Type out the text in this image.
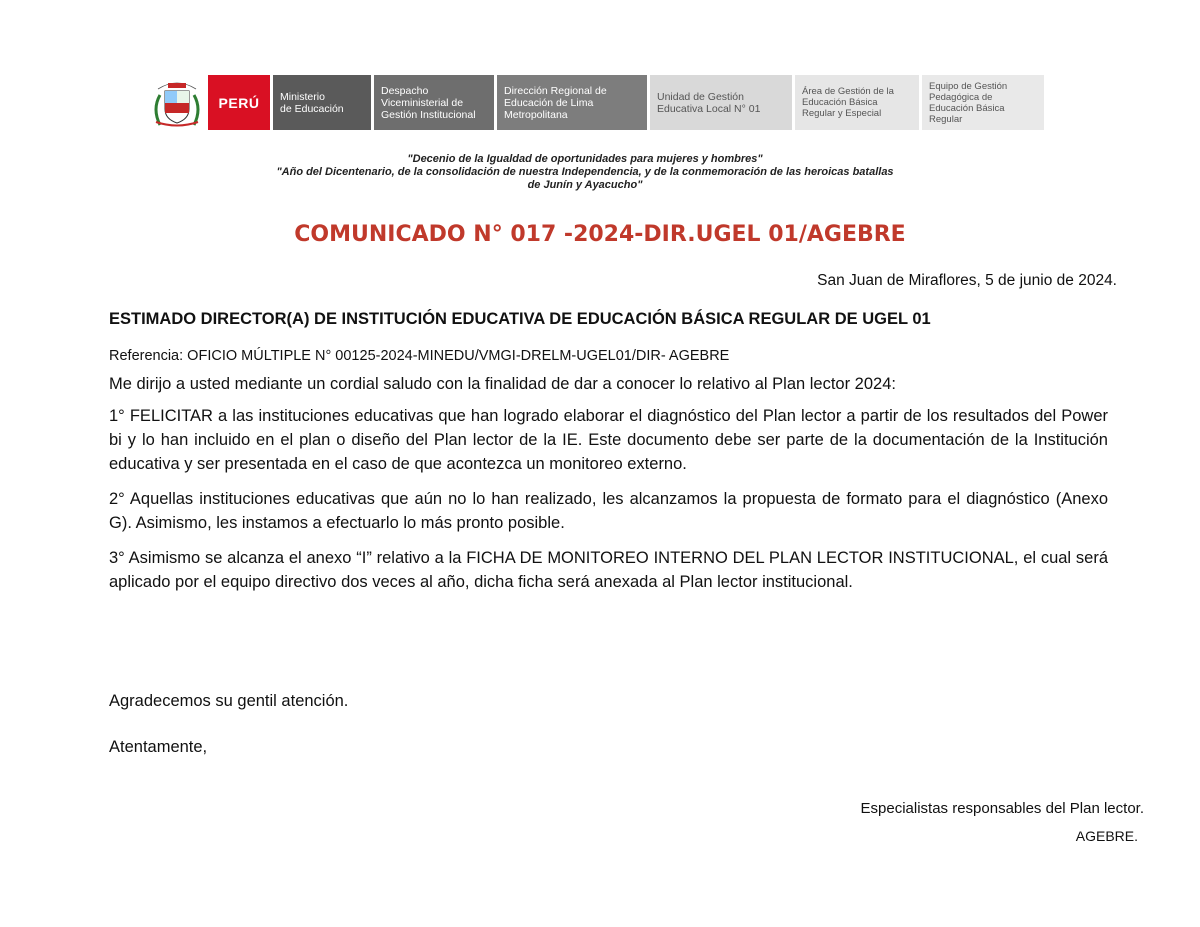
PERÚ	Ministerio
de Educación
Despacho
Viceministerial de
Gestión Institucional
Dirección Regional de
Educación de Lima
Metropolitana
Unidad de Gestión
Educativa Local N° 01
Área de Gestión de la
Educación Básica
Regular y Especial
Equipo de Gestión
Pedagógica de
Educación Básica
Regular
"Decenio de la Igualdad de oportunidades para mujeres y hombres"
"Año del Dicentenario, de la consolidación de nuestra Independencia, y de la conmemoración de las heroicas batallas
de Junín y Ayacucho"
COMUNICADO N° 017 -2024-DIR.UGEL 01/AGEBRE
San Juan de Miraflores, 5 de junio de 2024.
ESTIMADO DIRECTOR(A) DE INSTITUCIÓN EDUCATIVA DE EDUCACIÓN BÁSICA REGULAR DE UGEL 01
Referencia: OFICIO MÚLTIPLE N° 00125-2024-MINEDU/VMGI-DRELM-UGEL01/DIR- AGEBRE

Me dirijo a usted mediante un cordial saludo con la finalidad de dar a conocer lo relativo al Plan lector 2024:

1° FELICITAR a las instituciones educativas que han logrado elaborar el diagnóstico del Plan lector a partir de los resultados del Power bi y lo han incluido en el plan o diseño del Plan lector de la IE. Este documento debe ser parte de la documentación de la Institución educativa y ser presentada en el caso de que acontezca un monitoreo externo.

2° Aquellas instituciones educativas que aún no lo han realizado, les alcanzamos la propuesta de formato para el diagnóstico (Anexo G). Asimismo, les instamos a efectuarlo lo más pronto posible.

3° Asimismo se alcanza el anexo “I” relativo a la FICHA DE MONITOREO INTERNO DEL PLAN LECTOR INSTITUCIONAL, el cual será aplicado por el equipo directivo dos veces al año, dicha ficha será anexada al Plan lector institucional.

Agradecemos su gentil atención.
Atentamente,
Especialistas responsables del Plan lector.
AGEBRE.
